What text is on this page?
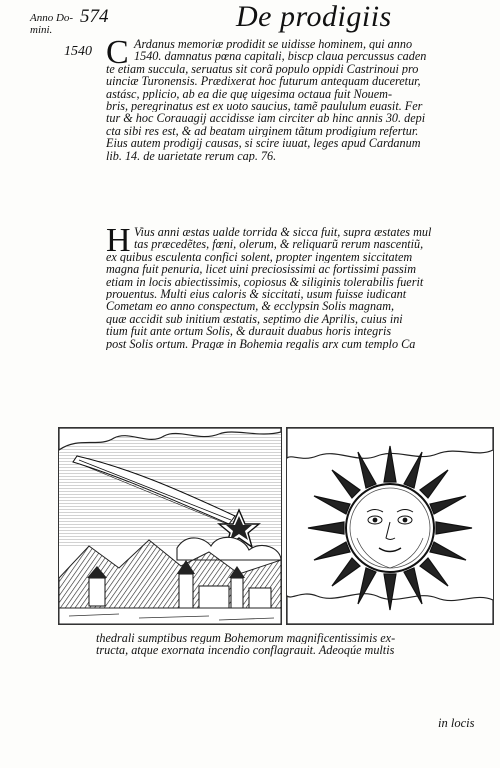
Anno Do-
mini.
574	De prodigiis
1540 C Ardanus memoriæ prodidit se uidisse hominem, qui anno
1540. damnatus pœna capitali, biscp claua percussus caden
te etiam succula, seruatus sit corã populo oppidi Castrinoui pro
uinciæ Turonensis. Prædixerat hoc futurum antequam duceretur,
astásc, pplicio, ab ea die quę uigesima octaua fuit Nouem-
bris, peregrinatus est ex uoto saucius, tamẽ paululum euasit. Fer
tur & hoc Corauagij accidisse iam circiter ab hinc annis 30. depi
cta sibi res est, & ad beatam uirginem tãtum prodigium refertur.
Eius autem prodigij causas, si scire iuuat, leges apud Cardanum
lib. 14. de uarietate rerum cap. 76.
H Vius anni æstas ualde torrida & sicca fuit, supra æstates mul
tas præcedẽtes, fœni, olerum, & reliquarũ rerum nascentiũ,
ex quibus esculenta confici solent, propter ingentem siccitatem
magna fuit penuria, licet uini preciosissimi ac fortissimi passim
etiam in locis abiectissimis, copiosus & siliginis tolerabilis fuerit
prouentus. Multi eius caloris & siccitati, usum fuisse iudicant
Cometam eo anno conspectum, & ecclypsin Solis magnam,
quæ accidit sub initium æstatis, septimo die Aprilis, cuius ini
tium fuit ante ortum Solis, & durauit duabus horis integris
post Solis ortum. Pragæ in Bohemia regalis arx cum templo Ca
thedrali sumptibus regum Bohemorum magnificentissimis ex-
tructa, atque exornata incendio conflagrauit. Adeoqúe multis
in locis
